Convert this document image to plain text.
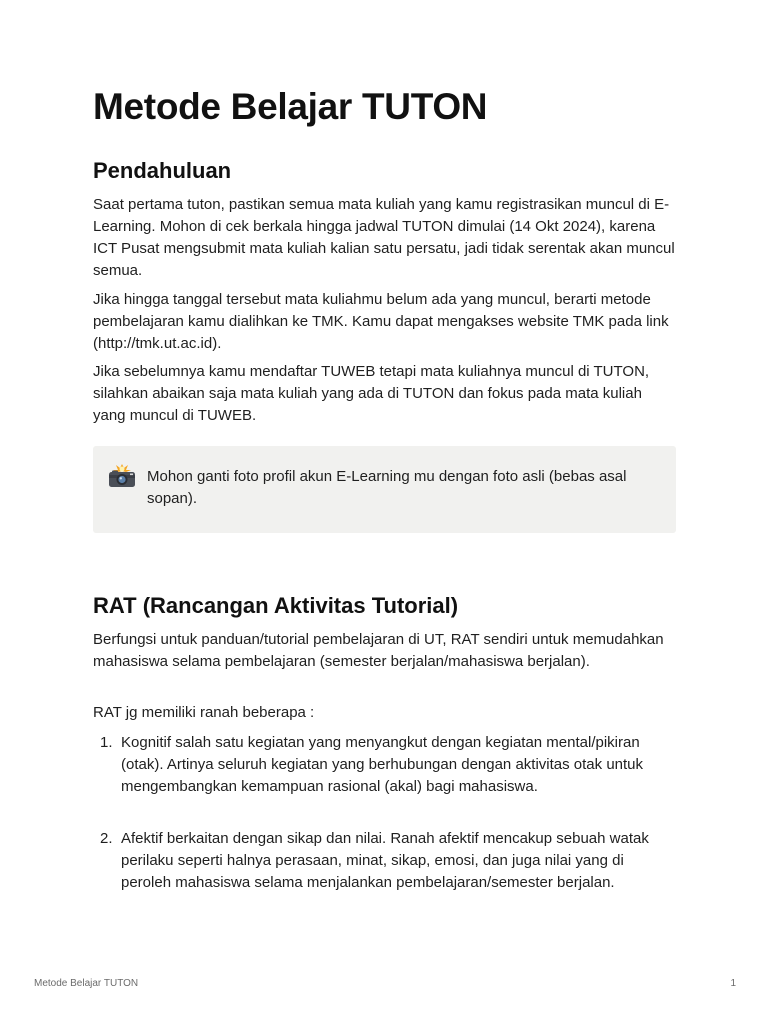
Metode Belajar TUTON
Pendahuluan

Saat pertama tuton, pastikan semua mata kuliah yang kamu registrasikan muncul di E-Learning. Mohon di cek berkala hingga jadwal TUTON dimulai (14 Okt 2024), karena ICT Pusat mengsubmit mata kuliah kalian satu persatu, jadi tidak serentak akan muncul semua.

Jika hingga tanggal tersebut mata kuliahmu belum ada yang muncul, berarti metode pembelajaran kamu dialihkan ke TMK. Kamu dapat mengakses website TMK pada link (http://tmk.ut.ac.id).

Jika sebelumnya kamu mendaftar TUWEB tetapi mata kuliahnya muncul di TUTON, silahkan abaikan saja mata kuliah yang ada di TUTON dan fokus pada mata kuliah yang muncul di TUWEB.

Mohon ganti foto profil akun E-Learning mu dengan foto asli (bebas asal sopan).

RAT (Rancangan Aktivitas Tutorial)

Berfungsi untuk panduan/tutorial pembelajaran di UT, RAT sendiri untuk memudahkan mahasiswa selama pembelajaran (semester berjalan/mahasiswa berjalan).

RAT jg memiliki ranah beberapa :

1. Kognitif salah satu kegiatan yang menyangkut dengan kegiatan mental/pikiran (otak). Artinya seluruh kegiatan yang berhubungan dengan aktivitas otak untuk mengembangkan kemampuan rasional (akal) bagi mahasiswa.

2. Afektif berkaitan dengan sikap dan nilai. Ranah afektif mencakup sebuah watak perilaku seperti halnya perasaan, minat, sikap, emosi, dan juga nilai yang di peroleh mahasiswa selama menjalankan pembelajaran/semester berjalan.

Metode Belajar TUTON	1
